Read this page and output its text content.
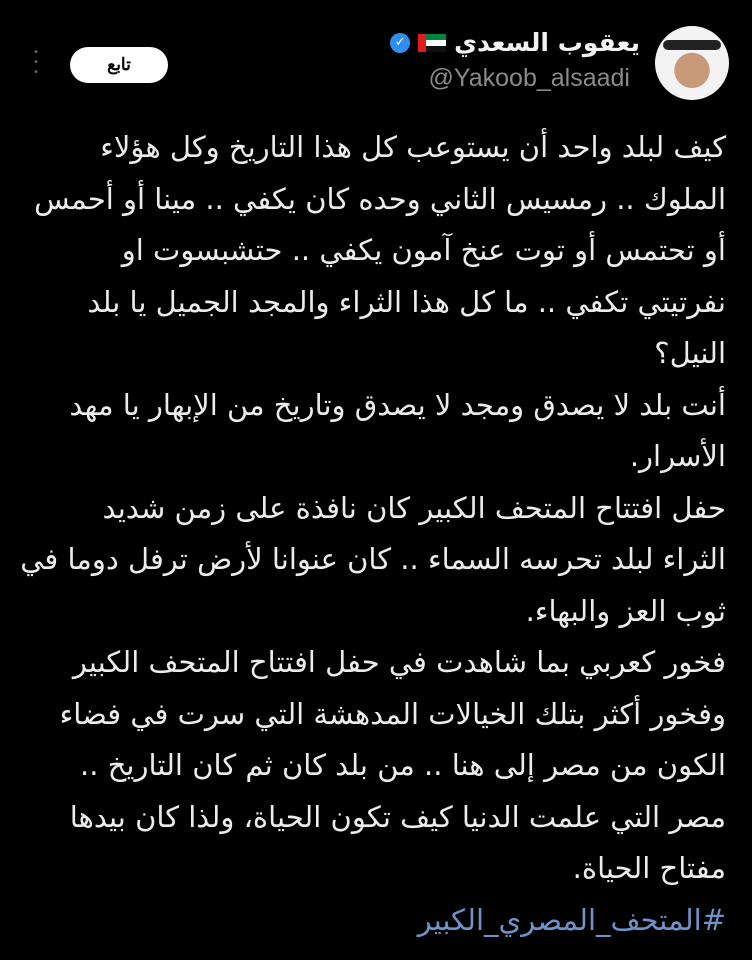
يعقوب السعدي
✓
@Yakoob_alsaadi
تابع
•
•
•
كيف لبلد واحد أن يستوعب كل هذا التاريخ وكل هؤلاء
الملوك .. رمسيس الثاني وحده كان يكفي .. مينا أو أحمس
أو تحتمس أو توت عنخ آمون يكفي .. حتشبسوت او
نفرتيتي تكفي .. ما كل هذا الثراء والمجد الجميل يا بلد
النيل؟
أنت بلد لا يصدق ومجد لا يصدق وتاريخ من الإبهار يا مهد
الأسرار.
حفل افتتاح المتحف الكبير كان نافذة على زمن شديد
الثراء لبلد تحرسه السماء .. كان عنوانا لأرض ترفل دوما في
ثوب العز والبهاء.
فخور كعربي بما شاهدت في حفل افتتاح المتحف الكبير
وفخور أكثر بتلك الخيالات المدهشة التي سرت في فضاء
الكون من مصر إلى هنا .. من بلد كان ثم كان التاريخ ..
مصر التي علمت الدنيا كيف تكون الحياة، ولذا كان بيدها
مفتاح الحياة.
#المتحف_المصري_الكبير
